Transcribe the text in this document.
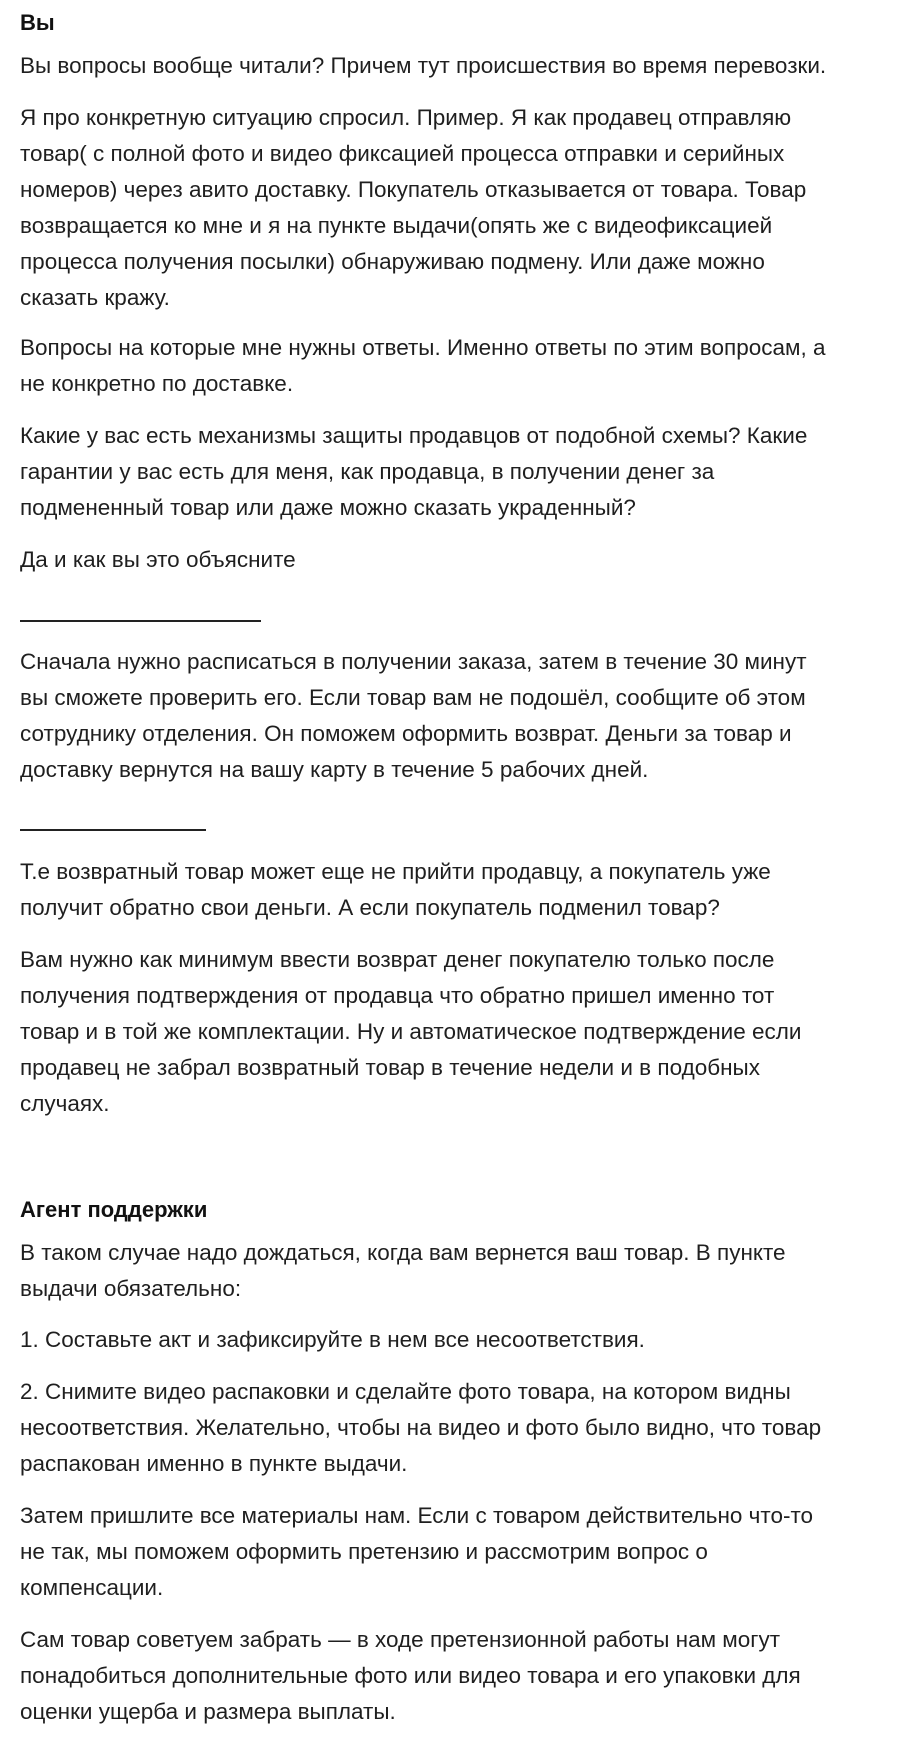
Вы

Вы вопросы вообще читали? Причем тут происшествия во время перевозки.

Я про конкретную ситуацию спросил. Пример. Я как продавец отправляю
товар( с полной фото и видео фиксацией процесса отправки и серийных
номеров) через авито доставку. Покупатель отказывается от товара. Товар
возвращается ко мне и я на пункте выдачи(опять же с видеофиксацией
процесса получения посылки) обнаруживаю подмену. Или даже можно
сказать кражу.

Вопросы на которые мне нужны ответы. Именно ответы по этим вопросам, а
не конкретно по доставке.

Какие у вас есть механизмы защиты продавцов от подобной схемы? Какие
гарантии у вас есть для меня, как продавца, в получении денег за
подмененный товар или даже можно сказать украденный?

Да и как вы это объясните

Сначала нужно расписаться в получении заказа, затем в течение 30 минут
вы сможете проверить его. Если товар вам не подошёл, сообщите об этом
сотруднику отделения. Он поможем оформить возврат. Деньги за товар и
доставку вернутся на вашу карту в течение 5 рабочих дней.

Т.е возвратный товар может еще не прийти продавцу, а покупатель уже
получит обратно свои деньги. А если покупатель подменил товар?

Вам нужно как минимум ввести возврат денег покупателю только после
получения подтверждения от продавца что обратно пришел именно тот
товар и в той же комплектации. Ну и автоматическое подтверждение если
продавец не забрал возвратный товар в течение недели и в подобных
случаях.

Агент поддержки

В таком случае надо дождаться, когда вам вернется ваш товар. В пункте
выдачи обязательно:

1. Составьте акт и зафиксируйте в нем все несоответствия.

2. Снимите видео распаковки и сделайте фото товара, на котором видны
несоответствия. Желательно, чтобы на видео и фото было видно, что товар
распакован именно в пункте выдачи.

Затем пришлите все материалы нам. Если с товаром действительно что-то
не так, мы поможем оформить претензию и рассмотрим вопрос о
компенсации.

Сам товар советуем забрать — в ходе претензионной работы нам могут
понадобиться дополнительные фото или видео товара и его упаковки для
оценки ущерба и размера выплаты.
